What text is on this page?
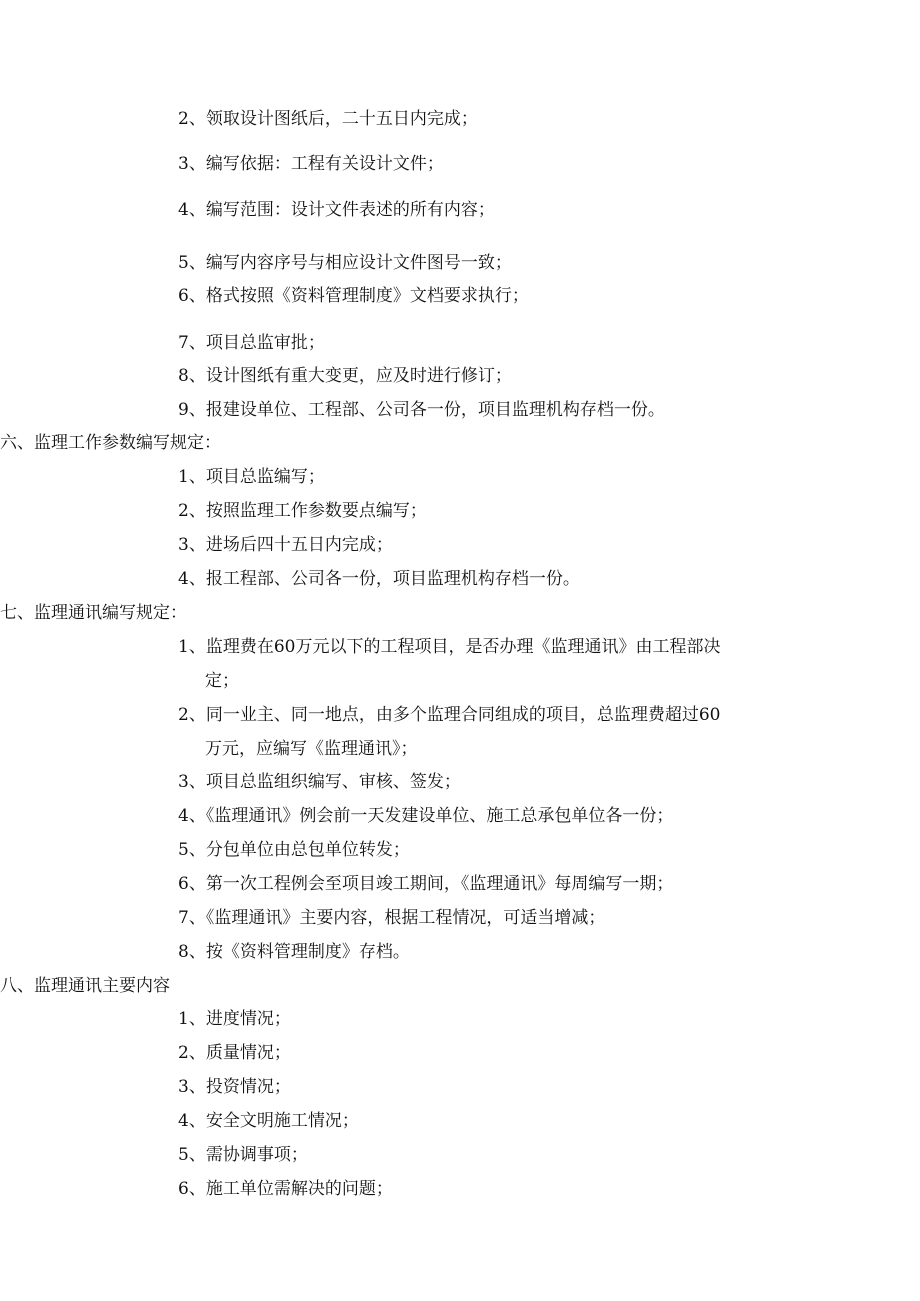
2、领取设计图纸后，二十五日内完成；
3、编写依据：工程有关设计文件；
4、编写范围：设计文件表述的所有内容；
5、编写内容序号与相应设计文件图号一致；
6、格式按照《资料管理制度》文档要求执行；
7、项目总监审批；
8、设计图纸有重大变更，应及时进行修订；
9、报建设单位、工程部、公司各一份，项目监理机构存档一份。
六、监理工作参数编写规定：
1、项目总监编写；
2、按照监理工作参数要点编写；
3、进场后四十五日内完成；
4、报工程部、公司各一份，项目监理机构存档一份。
七、监理通讯编写规定：
1、监理费在60万元以下的工程项目，是否办理《监理通讯》由工程部决
定；
2、同一业主、同一地点，由多个监理合同组成的项目，总监理费超过60
万元，应编写《监理通讯》；
3、项目总监组织编写、审核、签发；
4、《监理通讯》例会前一天发建设单位、施工总承包单位各一份；
5、分包单位由总包单位转发；
6、第一次工程例会至项目竣工期间，《监理通讯》每周编写一期；
7、《监理通讯》主要内容，根据工程情况，可适当增减；
8、按《资料管理制度》存档。
八、监理通讯主要内容
1、进度情况；
2、质量情况；
3、投资情况；
4、安全文明施工情况；
5、需协调事项；
6、施工单位需解决的问题；
